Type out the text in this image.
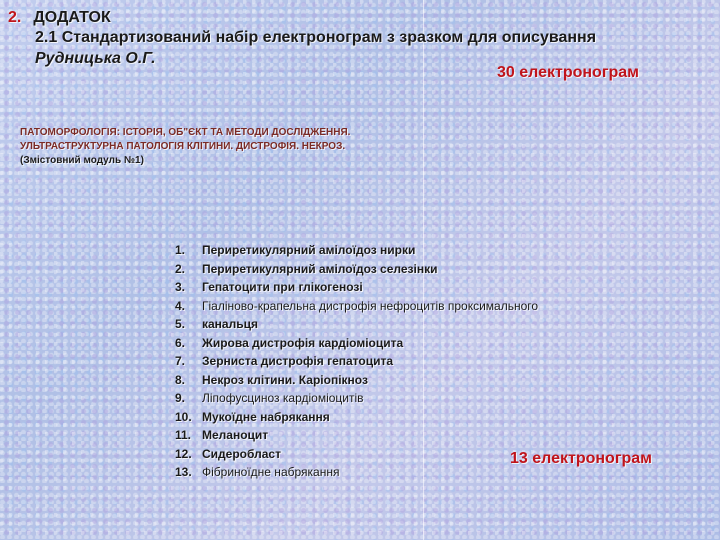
2. ДОДАТОК
2.1 Стандартизований набір електронограм з зразком для описування
Рудницька О.Г.
30 електронограм
ПАТОМОРФОЛОГІЯ: ІСТОРІЯ, ОБ"ЄКТ ТА МЕТОДИ ДОСЛІДЖЕННЯ.
УЛЬТРАСТРУКТУРНА ПАТОЛОГІЯ КЛІТИНИ. ДИСТРОФІЯ. НЕКРОЗ.
(Змістовний модуль №1)
1.	Периретикулярний амілоїдоз нирки
2.	Периретикулярний амілоїдоз селезінки
3.	Гепатоцити при глікогенозі
4.	Гіаліново-крапельна дистрофія нефроцитів проксимального
5.	канальця
6.	Жирова дистрофія кардіоміоцита
7.	Зерниста дистрофія гепатоцита
8.	Некроз клітини. Каріопікноз
9.	Ліпофусциноз кардіоміоцитів
10. Мукоїдне набрякання
11. Меланоцит
12. Сидеробласт
13. Фібриноїдне набрякання
13 електронограм
